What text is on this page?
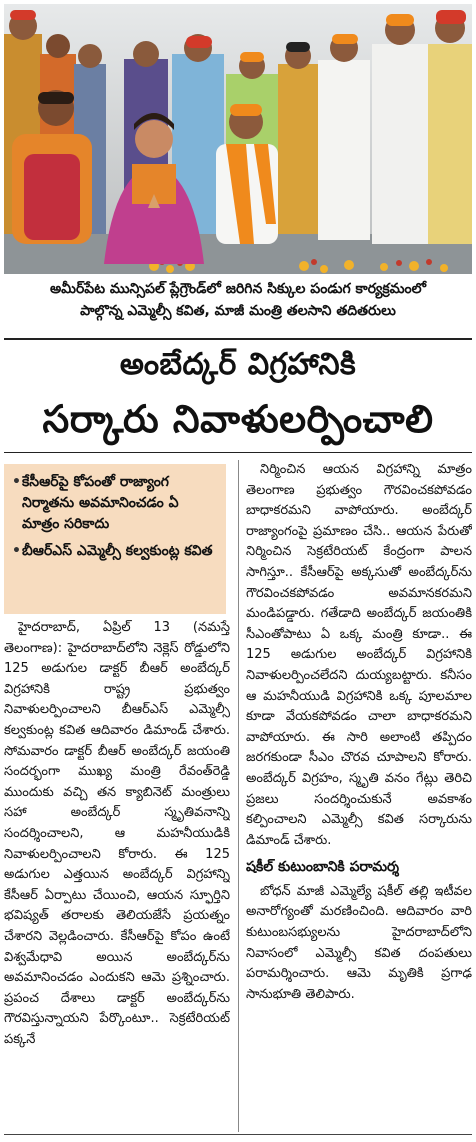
అమీర్‌పేట మున్సిపల్ ప్లేగ్రౌండ్‌లో జరిగిన సిక్కుల పండుగ కార్యక్రమంలో
పాల్గొన్న ఎమ్మెల్సీ కవిత, మాజీ మంత్రి తలసాని తదితరులు
అంబేద్కర్ విగ్రహానికి
సర్కారు నివాళులర్పించాలి
• కేసీఆర్‌పై కోపంతో రాజ్యాంగ నిర్మాతను అవమానించడం ఏ మాత్రం సరికాదు
• బీఆర్ఎస్ ఎమ్మెల్సీ కల్వకుంట్ల కవిత

హైదరాబాద్, ఏప్రిల్ 13 (నమస్తే తెలంగాణ): హైదరాబాద్‌లోని నెక్లెస్ రోడ్డులోని 125 అడుగుల డాక్టర్ బీఆర్ అంబేద్కర్ విగ్రహానికి రాష్ట్ర ప్రభుత్వం నివాళులర్పించాలని బీఆర్ఎస్ ఎమ్మెల్సీ కల్వకుంట్ల కవిత ఆదివారం డిమాండ్ చేశారు. సోమవారం డాక్టర్ బీఆర్ అంబేద్కర్ జయంతి సందర్భంగా ముఖ్య మంత్రి రేవంత్‌రెడ్డి ముందుకు వచ్చి తన క్యాబినెట్ మంత్రులు సహా అంబేద్కర్ స్మృతివనాన్ని సందర్శించాలని, ఆ మహనీయుడికి నివాళులర్పించాలని కోరారు. ఈ 125 అడుగుల ఎత్తయిన అంబేద్కర్ విగ్రహాన్ని కేసీఆర్ ఏర్పాటు చేయించి, ఆయన స్ఫూర్తిని భవిష్యత్ తరాలకు తెలియజేసే ప్రయత్నం చేశారని వెల్లడించారు. కేసీఆర్‌పై కోపం ఉంటే విశ్వమేధావి అయిన అంబేద్కర్‌ను అవమానించడం ఎందుకని ఆమె ప్రశ్నించారు. ప్రపంచ దేశాలు డాక్టర్ అంబేద్కర్‌ను గౌరవిస్తున్నాయని పేర్కొంటూ.. సెక్రటేరియట్ పక్కనే

నిర్మించిన ఆయన విగ్రహాన్ని మాత్రం తెలంగాణ ప్రభుత్వం గౌరవించకపోవడం బాధాకరమని వాపోయారు. అంబేద్కర్ రాజ్యాంగంపై ప్రమాణం చేసి.. ఆయన పేరుతో నిర్మించిన సెక్రటేరియట్ కేంద్రంగా పాలన సాగిస్తూ.. కేసీఆర్‌పై అక్కసుతో అంబేద్కర్‌ను గౌరవించకపోవడం అవమానకరమని మండిపడ్డారు. గతేడాది అంబేద్కర్ జయంతికి సీఎంతోపాటు ఏ ఒక్క మంత్రి కూడా.. ఈ 125 అడుగుల అంబేద్కర్ విగ్రహానికి నివాళులర్పించలేదని దుయ్యబట్టారు. కనీసం ఆ మహనీయుడి విగ్రహానికి ఒక్క పూలమాల కూడా వేయకపోవడం చాలా బాధాకరమని వాపోయారు. ఈ సారి అలాంటి తప్పిదం జరగకుండా సీఎం చొరవ చూపాలని కోరారు. అంబేద్కర్ విగ్రహం, స్మృతి వనం గేట్లు తెరిచి ప్రజలు సందర్శించుకునే అవకాశం కల్పించాలని ఎమ్మెల్సీ కవిత సర్కారును డిమాండ్ చేశారు.

షకీల్ కుటుంబానికి పరామర్శ

బోధన్ మాజీ ఎమ్మెల్యే షకీల్ తల్లి ఇటీవల అనారోగ్యంతో మరణించింది. ఆదివారం వారి కుటుంబసభ్యులను హైదరాబాద్‌లోని నివాసంలో ఎమ్మెల్సీ కవిత దంపతులు పరామర్శించారు. ఆమె మృతికి ప్రగాఢ సానుభూతి తెలిపారు.
